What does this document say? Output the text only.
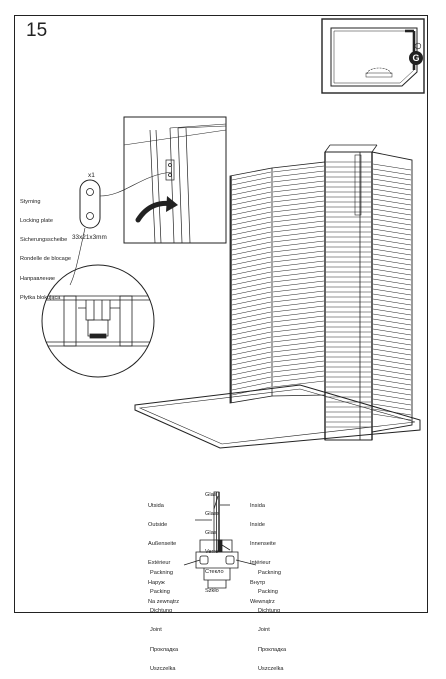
15
G
x1

Styrning

Locking plate

Sicherungsscheibe

Rondelle de blocage

Направление

Płytka blokująca

33x21x3mm

Glas

Glass

Glas

Verre

Стекло

Szkło

Utsida

Outside

Außenseite

Extérieur

Наруж

Na zewnątrz

Insida

Inside

Innenseite

Intérieur

Внутр

Wewnątrz

Packning

Packing

Dichtung

Joint

Прокладка

Uszczelka

Packning

Packing

Dichtung

Joint

Прокладка

Uszczelka
